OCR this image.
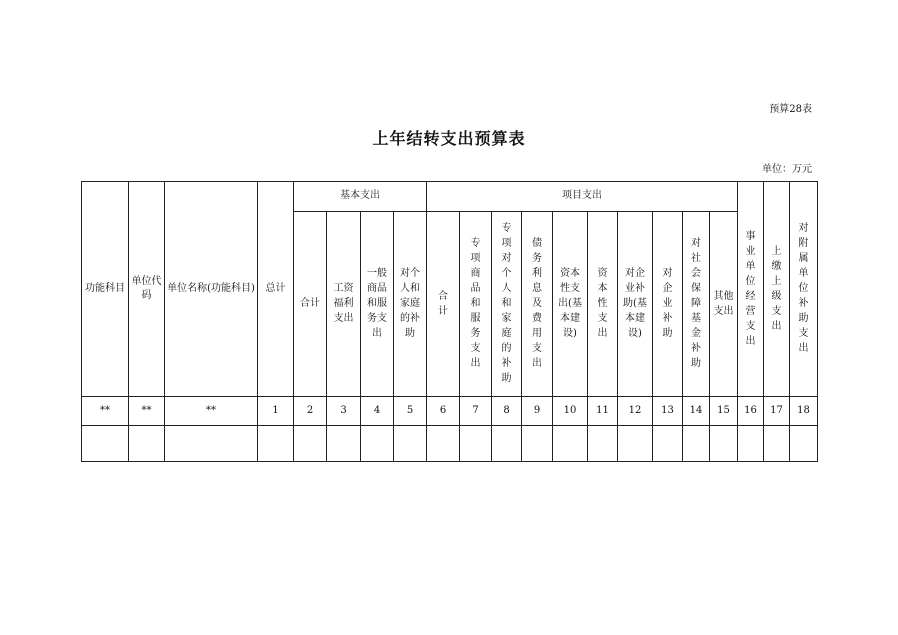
预算28表
上年结转支出预算表
单位：万元
功能科目	单位代码	单位名称(功能科目)	总计	基本支出				项目支出										事业单位经营支出	上缴上级支出	对附属单位补助支出
				合计	工资福利支出	一般商品和服务支出	对个人和家庭的补助	合计	专项商品和服务支出	专项对个人和家庭的补助	债务利息及费用支出	资本性支出(基本建设)	资本性支出	对企业补助(基本建设)	对企业补助	对社会保障基金补助	其他支出			
**	**	**	1	2	3	4	5	6	7	8	9	10	11	12	13	14	15	16	17	18
